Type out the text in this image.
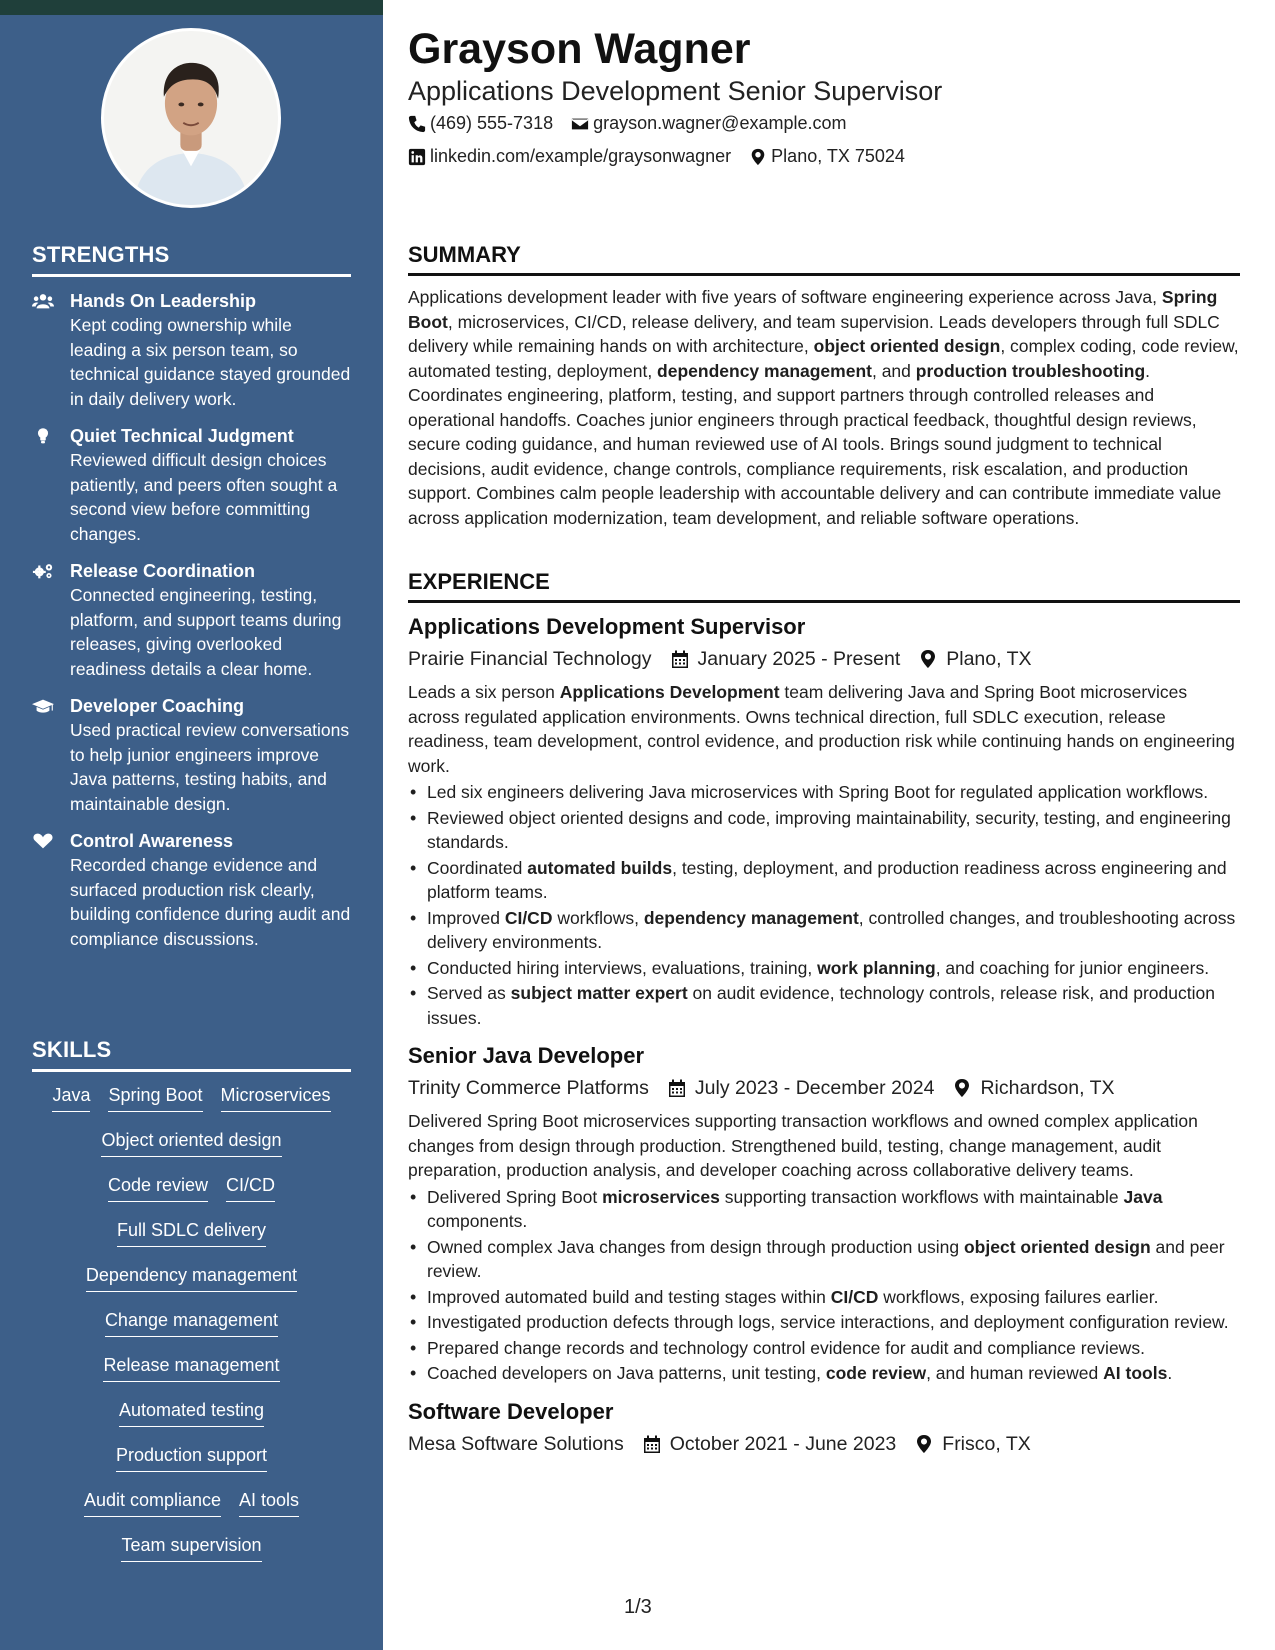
STRENGTHS
Hands On Leadership
Kept coding ownership while leading a six person team, so technical guidance stayed grounded in daily delivery work.
Quiet Technical Judgment
Reviewed difficult design choices patiently, and peers often sought a second view before committing changes.
Release Coordination
Connected engineering, testing, platform, and support teams during releases, giving overlooked readiness details a clear home.
Developer Coaching
Used practical review conversations to help junior engineers improve Java patterns, testing habits, and maintainable design.
Control Awareness
Recorded change evidence and surfaced production risk clearly, building confidence during audit and compliance discussions.
SKILLS
Java Spring Boot Microservices
Object oriented design
Code review CI/CD
Full SDLC delivery
Dependency management
Change management
Release management
Automated testing
Production support
Audit compliance AI tools
Team supervision
Grayson Wagner
Applications Development Senior Supervisor
(469) 555-7318 grayson.wagner@example.com
linkedin.com/example/graysonwagner Plano, TX 75024
SUMMARY

Applications development leader with five years of software engineering experience across Java, Spring Boot, microservices, CI/CD, release delivery, and team supervision. Leads developers through full SDLC delivery while remaining hands on with architecture, object oriented design, complex coding, code review, automated testing, deployment, dependency management, and production troubleshooting. Coordinates engineering, platform, testing, and support partners through controlled releases and operational handoffs. Coaches junior engineers through practical feedback, thoughtful design reviews, secure coding guidance, and human reviewed use of AI tools. Brings sound judgment to technical decisions, audit evidence, change controls, compliance requirements, risk escalation, and production support. Combines calm people leadership with accountable delivery and can contribute immediate value across application modernization, team development, and reliable software operations.

EXPERIENCE
Applications Development Supervisor
Prairie Financial Technology	January 2025 - Present	Plano, TX
Leads a six person Applications Development team delivering Java and Spring Boot microservices across regulated application environments. Owns technical direction, full SDLC execution, release readiness, team development, control evidence, and production risk while continuing hands on engineering work.
• Led six engineers delivering Java microservices with Spring Boot for regulated application workflows.
• Reviewed object oriented designs and code, improving maintainability, security, testing, and engineering standards.
• Coordinated automated builds, testing, deployment, and production readiness across engineering and platform teams.
• Improved CI/CD workflows, dependency management, controlled changes, and troubleshooting across delivery environments.
• Conducted hiring interviews, evaluations, training, work planning, and coaching for junior engineers.
• Served as subject matter expert on audit evidence, technology controls, release risk, and production issues.
Senior Java Developer
Trinity Commerce Platforms	July 2023 - December 2024	Richardson, TX
Delivered Spring Boot microservices supporting transaction workflows and owned complex application changes from design through production. Strengthened build, testing, change management, audit preparation, production analysis, and developer coaching across collaborative delivery teams.
• Delivered Spring Boot microservices supporting transaction workflows with maintainable Java components.
• Owned complex Java changes from design through production using object oriented design and peer review.
• Improved automated build and testing stages within CI/CD workflows, exposing failures earlier.
• Investigated production defects through logs, service interactions, and deployment configuration review.
• Prepared change records and technology control evidence for audit and compliance reviews.
• Coached developers on Java patterns, unit testing, code review, and human reviewed AI tools.
Software Developer
Mesa Software Solutions	October 2021 - June 2023	Frisco, TX
1/3
